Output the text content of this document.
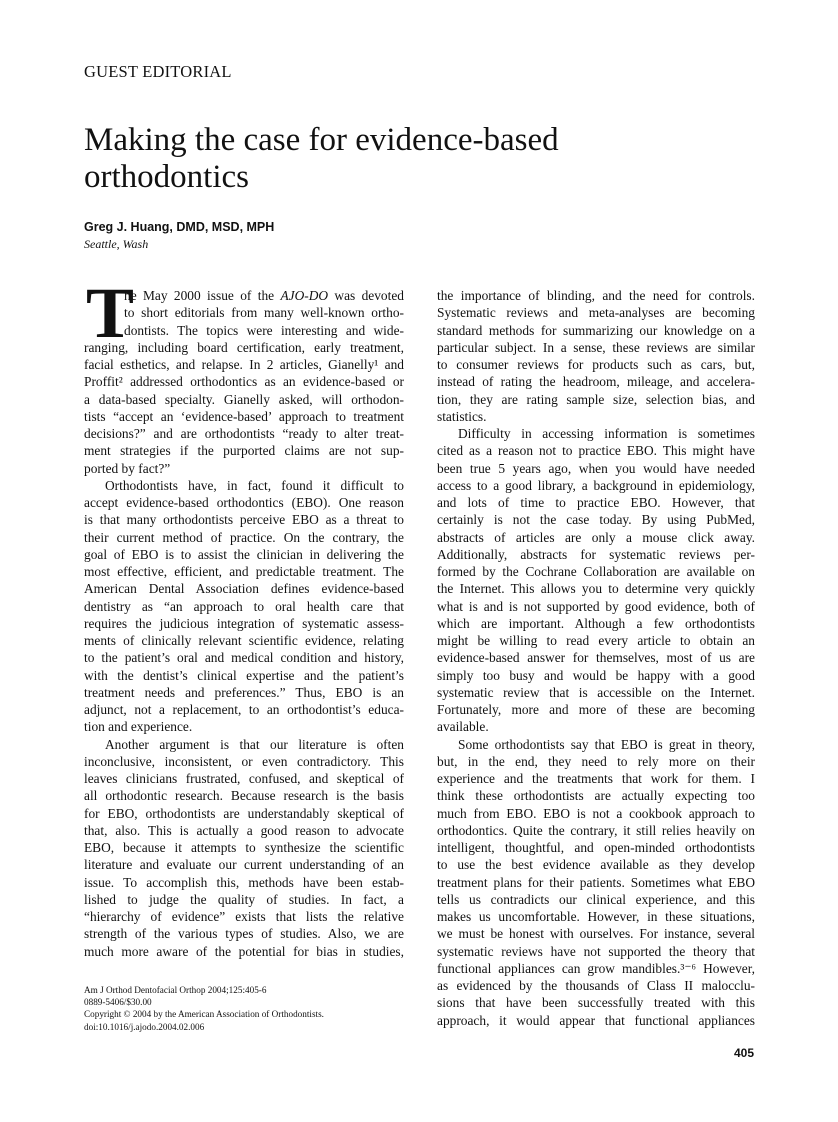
GUEST EDITORIAL
Making the case for evidence-based
orthodontics
Greg J. Huang, DMD, MSD, MPH
Seattle, Wash
T
he May 2000 issue of the AJO-DO was devoted
to short editorials from many well-known ortho-
dontists. The topics were interesting and wide-
ranging, including board certification, early treatment,
facial esthetics, and relapse. In 2 articles, Gianelly¹ and
Proffit² addressed orthodontics as an evidence-based or
a data-based specialty. Gianelly asked, will orthodon-
tists “accept an ‘evidence-based’ approach to treatment
decisions?” and are orthodontists “ready to alter treat-
ment strategies if the purported claims are not sup-
ported by fact?”
Orthodontists have, in fact, found it difficult to
accept evidence-based orthodontics (EBO). One reason
is that many orthodontists perceive EBO as a threat to
their current method of practice. On the contrary, the
goal of EBO is to assist the clinician in delivering the
most effective, efficient, and predictable treatment. The
American Dental Association defines evidence-based
dentistry as “an approach to oral health care that
requires the judicious integration of systematic assess-
ments of clinically relevant scientific evidence, relating
to the patient’s oral and medical condition and history,
with the dentist’s clinical expertise and the patient’s
treatment needs and preferences.” Thus, EBO is an
adjunct, not a replacement, to an orthodontist’s educa-
tion and experience.
Another argument is that our literature is often
inconclusive, inconsistent, or even contradictory. This
leaves clinicians frustrated, confused, and skeptical of
all orthodontic research. Because research is the basis
for EBO, orthodontists are understandably skeptical of
that, also. This is actually a good reason to advocate
EBO, because it attempts to synthesize the scientific
literature and evaluate our current understanding of an
issue. To accomplish this, methods have been estab-
lished to judge the quality of studies. In fact, a
“hierarchy of evidence” exists that lists the relative
strength of the various types of studies. Also, we are
much more aware of the potential for bias in studies,
the importance of blinding, and the need for controls.
Systematic reviews and meta-analyses are becoming
standard methods for summarizing our knowledge on a
particular subject. In a sense, these reviews are similar
to consumer reviews for products such as cars, but,
instead of rating the headroom, mileage, and accelera-
tion, they are rating sample size, selection bias, and
statistics.
Difficulty in accessing information is sometimes
cited as a reason not to practice EBO. This might have
been true 5 years ago, when you would have needed
access to a good library, a background in epidemiology,
and lots of time to practice EBO. However, that
certainly is not the case today. By using PubMed,
abstracts of articles are only a mouse click away.
Additionally, abstracts for systematic reviews per-
formed by the Cochrane Collaboration are available on
the Internet. This allows you to determine very quickly
what is and is not supported by good evidence, both of
which are important. Although a few orthodontists
might be willing to read every article to obtain an
evidence-based answer for themselves, most of us are
simply too busy and would be happy with a good
systematic review that is accessible on the Internet.
Fortunately, more and more of these are becoming
available.
Some orthodontists say that EBO is great in theory,
but, in the end, they need to rely more on their
experience and the treatments that work for them. I
think these orthodontists are actually expecting too
much from EBO. EBO is not a cookbook approach to
orthodontics. Quite the contrary, it still relies heavily on
intelligent, thoughtful, and open-minded orthodontists
to use the best evidence available as they develop
treatment plans for their patients. Sometimes what EBO
tells us contradicts our clinical experience, and this
makes us uncomfortable. However, in these situations,
we must be honest with ourselves. For instance, several
systematic reviews have not supported the theory that
functional appliances can grow mandibles.³⁻⁶ However,
as evidenced by the thousands of Class II malocclu-
sions that have been successfully treated with this
approach, it would appear that functional appliances
Am J Orthod Dentofacial Orthop 2004;125:405-6
0889-5406/$30.00
Copyright © 2004 by the American Association of Orthodontists.
doi:10.1016/j.ajodo.2004.02.006
405
